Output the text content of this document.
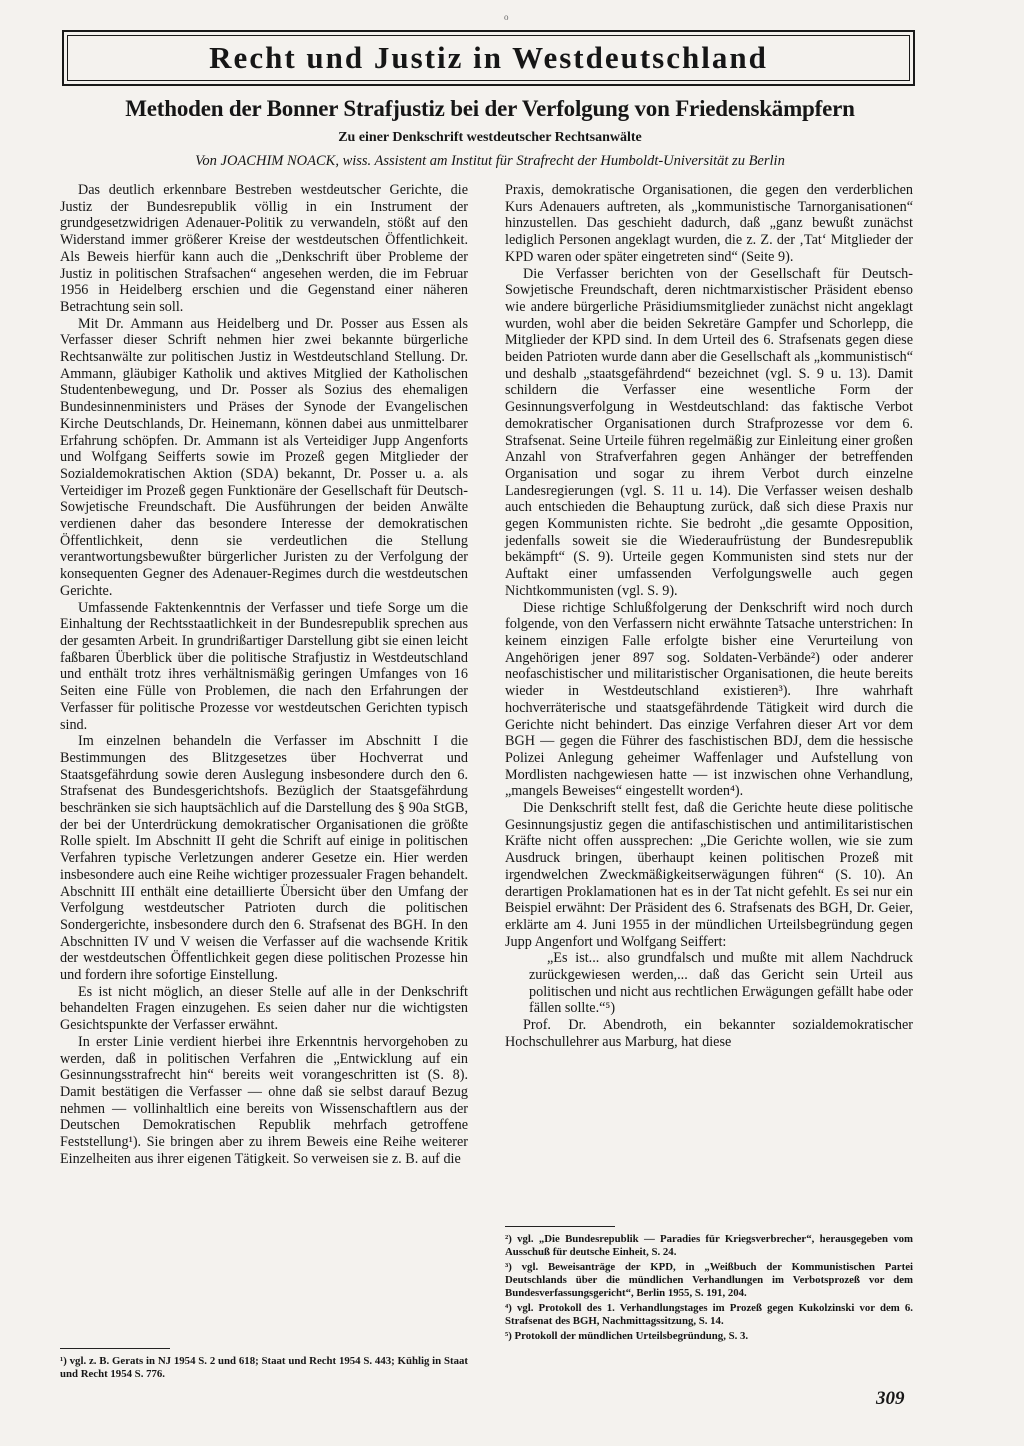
o
Recht und Justiz in Westdeutschland
Methoden der Bonner Strafjustiz bei der Verfolgung von Friedenskämpfern
Zu einer Denkschrift westdeutscher Rechtsanwälte

Von JOACHIM NOACK, wiss. Assistent am Institut für Strafrecht der Humboldt-Universität zu Berlin

Das deutlich erkennbare Bestreben westdeutscher Gerichte, die Justiz der Bundesrepublik völlig in ein Instrument der grundgesetzwidrigen Adenauer-Politik zu verwandeln, stößt auf den Widerstand immer größerer Kreise der westdeutschen Öffentlichkeit. Als Beweis hierfür kann auch die „Denkschrift über Probleme der Justiz in politischen Strafsachen“ angesehen werden, die im Februar 1956 in Heidelberg erschien und die Gegenstand einer näheren Betrachtung sein soll.

Mit Dr. Ammann aus Heidelberg und Dr. Posser aus Essen als Verfasser dieser Schrift nehmen hier zwei bekannte bürgerliche Rechtsanwälte zur politischen Justiz in Westdeutschland Stellung. Dr. Ammann, gläubiger Katholik und aktives Mitglied der Katholischen Studentenbewegung, und Dr. Posser als Sozius des ehemaligen Bundesinnenministers und Präses der Synode der Evangelischen Kirche Deutschlands, Dr. Heinemann, können dabei aus unmittelbarer Erfahrung schöpfen. Dr. Ammann ist als Verteidiger Jupp Angenforts und Wolfgang Seifferts sowie im Prozeß gegen Mitglieder der Sozialdemokratischen Aktion (SDA) bekannt, Dr. Posser u. a. als Verteidiger im Prozeß gegen Funktionäre der Gesellschaft für Deutsch-Sowjetische Freundschaft. Die Ausführungen der beiden Anwälte verdienen daher das besondere Interesse der demokratischen Öffentlichkeit, denn sie verdeutlichen die Stellung verantwortungsbewußter bürgerlicher Juristen zu der Verfolgung der konsequenten Gegner des Adenauer-Regimes durch die westdeutschen Gerichte.

Umfassende Faktenkenntnis der Verfasser und tiefe Sorge um die Einhaltung der Rechtsstaatlichkeit in der Bundesrepublik sprechen aus der gesamten Arbeit. In grundrißartiger Darstellung gibt sie einen leicht faßbaren Überblick über die politische Strafjustiz in Westdeutschland und enthält trotz ihres verhältnismäßig geringen Umfanges von 16 Seiten eine Fülle von Problemen, die nach den Erfahrungen der Verfasser für politische Prozesse vor westdeutschen Gerichten typisch sind.

Im einzelnen behandeln die Verfasser im Abschnitt I die Bestimmungen des Blitzgesetzes über Hochverrat und Staatsgefährdung sowie deren Auslegung insbesondere durch den 6. Strafsenat des Bundesgerichtshofs. Bezüglich der Staatsgefährdung beschränken sie sich hauptsächlich auf die Darstellung des § 90a StGB, der bei der Unterdrückung demokratischer Organisationen die größte Rolle spielt. Im Abschnitt II geht die Schrift auf einige in politischen Verfahren typische Verletzungen anderer Gesetze ein. Hier werden insbesondere auch eine Reihe wichtiger prozessualer Fragen behandelt. Abschnitt III enthält eine detaillierte Übersicht über den Umfang der Verfolgung westdeutscher Patrioten durch die politischen Sondergerichte, insbesondere durch den 6. Strafsenat des BGH. In den Abschnitten IV und V weisen die Verfasser auf die wachsende Kritik der westdeutschen Öffentlichkeit gegen diese politischen Prozesse hin und fordern ihre sofortige Einstellung.

Es ist nicht möglich, an dieser Stelle auf alle in der Denkschrift behandelten Fragen einzugehen. Es seien daher nur die wichtigsten Gesichtspunkte der Verfasser erwähnt.

In erster Linie verdient hierbei ihre Erkenntnis hervorgehoben zu werden, daß in politischen Verfahren die „Entwicklung auf ein Gesinnungsstrafrecht hin“ bereits weit vorangeschritten ist (S. 8). Damit bestätigen die Verfasser — ohne daß sie selbst darauf Bezug nehmen — vollinhaltlich eine bereits von Wissenschaftlern aus der Deutschen Demokratischen Republik mehrfach getroffene Feststellung¹). Sie bringen aber zu ihrem Beweis eine Reihe weiterer Einzelheiten aus ihrer eigenen Tätigkeit. So verweisen sie z. B. auf die

Praxis, demokratische Organisationen, die gegen den verderblichen Kurs Adenauers auftreten, als „kommunistische Tarnorganisationen“ hinzustellen. Das geschieht dadurch, daß „ganz bewußt zunächst lediglich Personen angeklagt wurden, die z. Z. der ‚Tat‘ Mitglieder der KPD waren oder später eingetreten sind“ (Seite 9).

Die Verfasser berichten von der Gesellschaft für Deutsch-Sowjetische Freundschaft, deren nichtmarxistischer Präsident ebenso wie andere bürgerliche Präsidiumsmitglieder zunächst nicht angeklagt wurden, wohl aber die beiden Sekretäre Gampfer und Schorlepp, die Mitglieder der KPD sind. In dem Urteil des 6. Strafsenats gegen diese beiden Patrioten wurde dann aber die Gesellschaft als „kommunistisch“ und deshalb „staatsgefährdend“ bezeichnet (vgl. S. 9 u. 13). Damit schildern die Verfasser eine wesentliche Form der Gesinnungsverfolgung in Westdeutschland: das faktische Verbot demokratischer Organisationen durch Strafprozesse vor dem 6. Strafsenat. Seine Urteile führen regelmäßig zur Einleitung einer großen Anzahl von Strafverfahren gegen Anhänger der betreffenden Organisation und sogar zu ihrem Verbot durch einzelne Landesregierungen (vgl. S. 11 u. 14). Die Verfasser weisen deshalb auch entschieden die Behauptung zurück, daß sich diese Praxis nur gegen Kommunisten richte. Sie bedroht „die gesamte Opposition, jedenfalls soweit sie die Wiederaufrüstung der Bundesrepublik bekämpft“ (S. 9). Urteile gegen Kommunisten sind stets nur der Auftakt einer umfassenden Verfolgungswelle auch gegen Nichtkommunisten (vgl. S. 9).

Diese richtige Schlußfolgerung der Denkschrift wird noch durch folgende, von den Verfassern nicht erwähnte Tatsache unterstrichen: In keinem einzigen Falle erfolgte bisher eine Verurteilung von Angehörigen jener 897 sog. Soldaten-Verbände²) oder anderer neofaschistischer und militaristischer Organisationen, die heute bereits wieder in Westdeutschland existieren³). Ihre wahrhaft hochverräterische und staatsgefährdende Tätigkeit wird durch die Gerichte nicht behindert. Das einzige Verfahren dieser Art vor dem BGH — gegen die Führer des faschistischen BDJ, dem die hessische Polizei Anlegung geheimer Waffenlager und Aufstellung von Mordlisten nachgewiesen hatte — ist inzwischen ohne Verhandlung, „mangels Beweises“ eingestellt worden⁴).

Die Denkschrift stellt fest, daß die Gerichte heute diese politische Gesinnungsjustiz gegen die antifaschistischen und antimilitaristischen Kräfte nicht offen aussprechen: „Die Gerichte wollen, wie sie zum Ausdruck bringen, überhaupt keinen politischen Prozeß mit irgendwelchen Zweckmäßigkeitserwägungen führen“ (S. 10). An derartigen Proklamationen hat es in der Tat nicht gefehlt. Es sei nur ein Beispiel erwähnt: Der Präsident des 6. Strafsenats des BGH, Dr. Geier, erklärte am 4. Juni 1955 in der mündlichen Urteilsbegründung gegen Jupp Angenfort und Wolfgang Seiffert:

„Es ist... also grundfalsch und mußte mit allem Nachdruck zurückgewiesen werden,... daß das Gericht sein Urteil aus politischen und nicht aus rechtlichen Erwägungen gefällt habe oder fällen sollte.“⁵)

Prof. Dr. Abendroth, ein bekannter sozialdemokratischer Hochschullehrer aus Marburg, hat diese

¹) vgl. z. B. Gerats in NJ 1954 S. 2 und 618; Staat und Recht 1954 S. 443; Kühlig in Staat und Recht 1954 S. 776.

²) vgl. „Die Bundesrepublik — Paradies für Kriegsverbrecher“, herausgegeben vom Ausschuß für deutsche Einheit, S. 24.

³) vgl. Beweisanträge der KPD, in „Weißbuch der Kommunistischen Partei Deutschlands über die mündlichen Verhandlungen im Verbotsprozeß vor dem Bundesverfassungsgericht“, Berlin 1955, S. 191, 204.

⁴) vgl. Protokoll des 1. Verhandlungstages im Prozeß gegen Kukolzinski vor dem 6. Strafsenat des BGH, Nachmittagssitzung, S. 14.

⁵) Protokoll der mündlichen Urteilsbegründung, S. 3.

309
